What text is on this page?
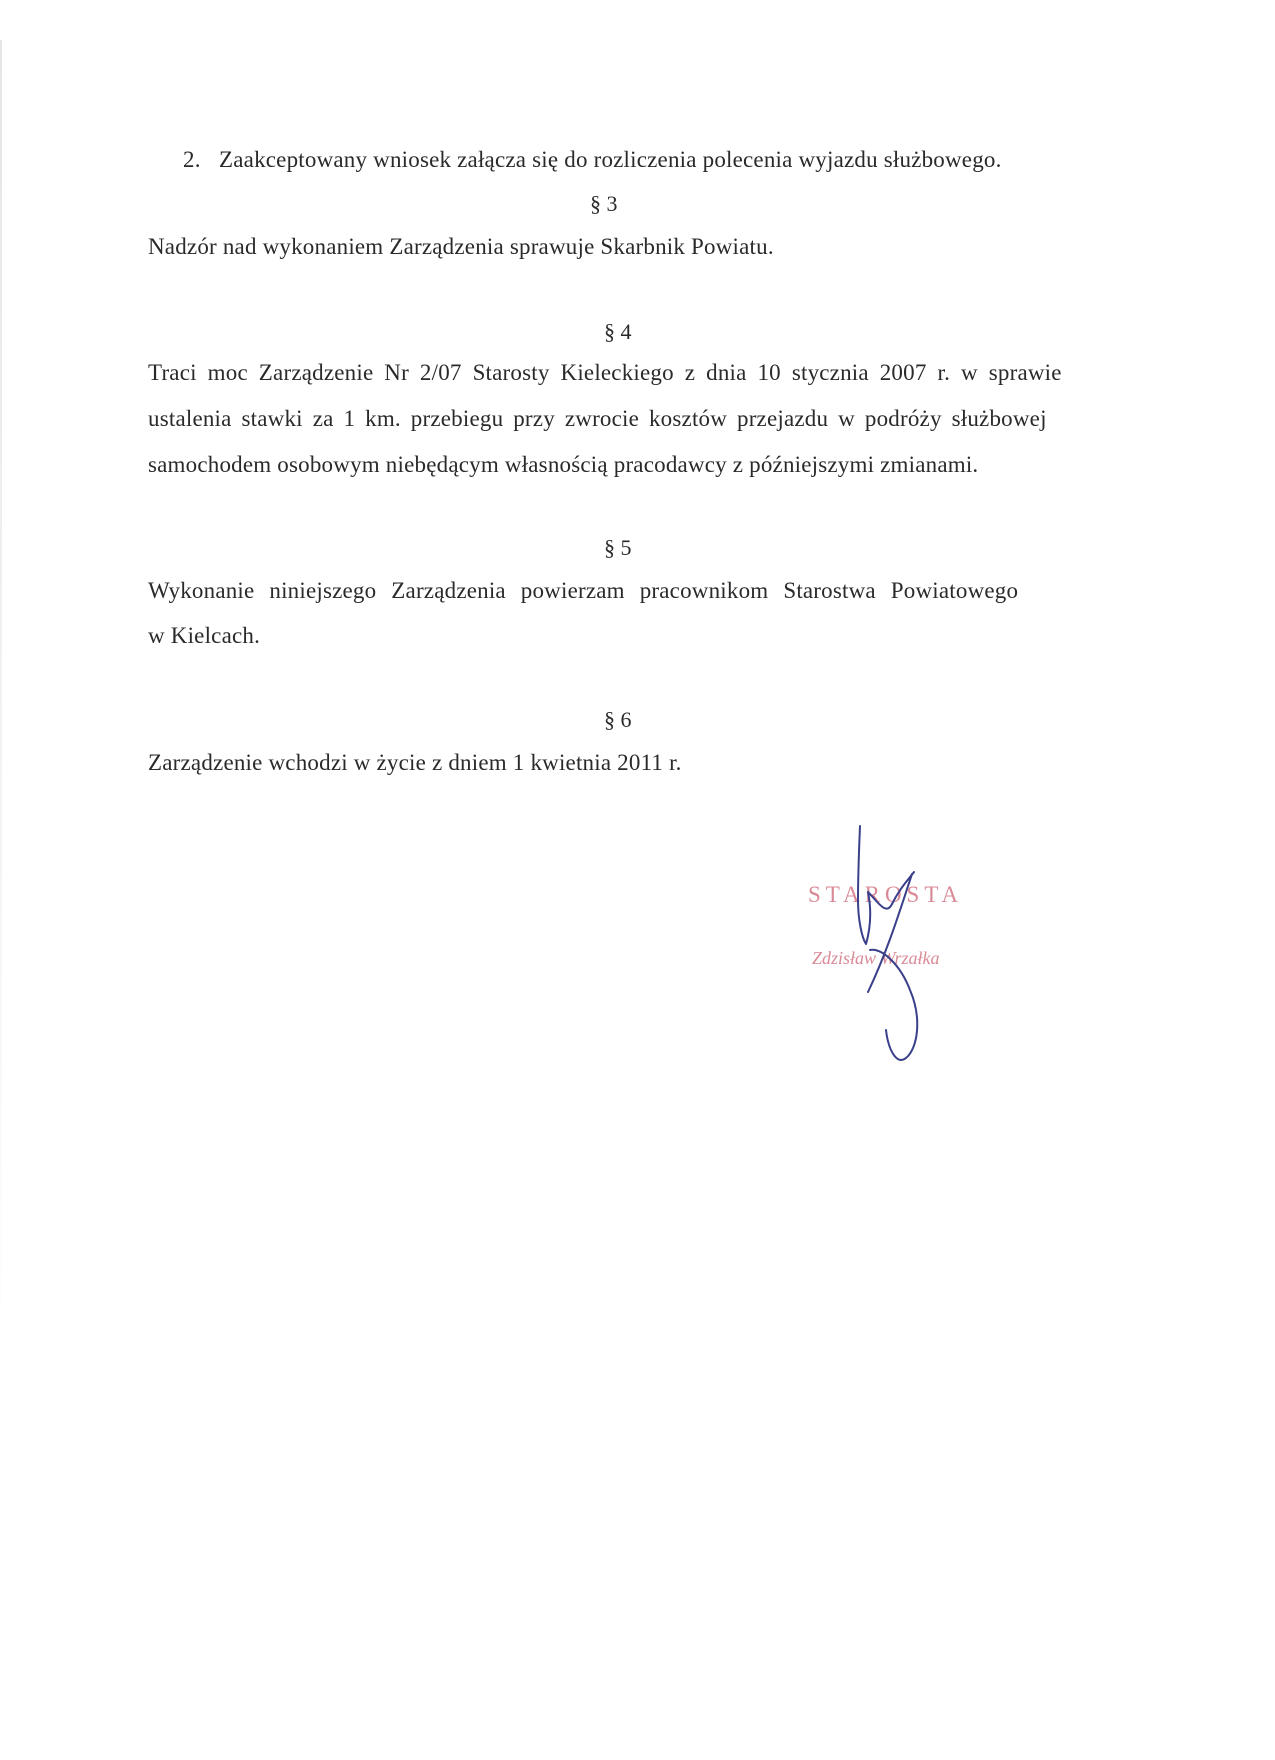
2. Zaakceptowany wniosek załącza się do rozliczenia polecenia wyjazdu służbowego.
§ 3
Nadzór nad wykonaniem Zarządzenia sprawuje Skarbnik Powiatu.
§ 4
Traci moc Zarządzenie Nr 2/07 Starosty Kieleckiego z dnia 10 stycznia 2007 r. w sprawie
ustalenia stawki za 1 km. przebiegu przy zwrocie kosztów przejazdu w podróży służbowej
samochodem osobowym niebędącym własnością pracodawcy z późniejszymi zmianami.
§ 5
Wykonanie niniejszego Zarządzenia powierzam pracownikom Starostwa Powiatowego
w Kielcach.
§ 6
Zarządzenie wchodzi w życie z dniem 1 kwietnia 2011 r.
STAROSTA
Zdzisław Wrzałka
